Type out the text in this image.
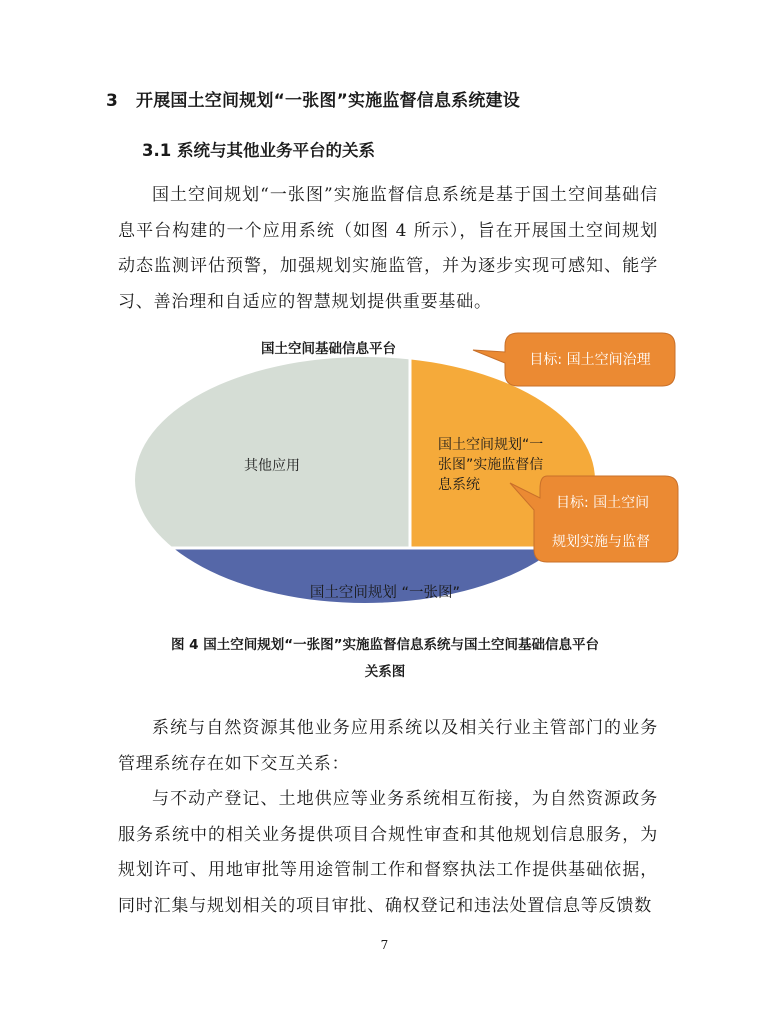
3 开展国土空间规划“一张图”实施监督信息系统建设
3.1 系统与其他业务平台的关系
国土空间规划“一张图”实施监督信息系统是基于国土空间基础信息平台构建的一个应用系统（如图 4 所示），旨在开展国土空间规划动态监测评估预警，加强规划实施监管，并为逐步实现可感知、能学习、善治理和自适应的智慧规划提供重要基础。
国土空间基础信息平台
目标: 国土空间治理
其他应用
国土空间规划“一 张图”实施监督信 息系统
目标: 国土空间 规划实施与监督
国土空间规划 “一张图”
图 4 国土空间规划“一张图”实施监督信息系统与国土空间基础信息平台
关系图
系统与自然资源其他业务应用系统以及相关行业主管部门的业务管理系统存在如下交互关系：
与不动产登记、土地供应等业务系统相互衔接，为自然资源政务服务系统中的相关业务提供项目合规性审查和其他规划信息服务，为规划许可、用地审批等用途管制工作和督察执法工作提供基础依据，同时汇集与规划相关的项目审批、确权登记和违法处置信息等反馈数
7
